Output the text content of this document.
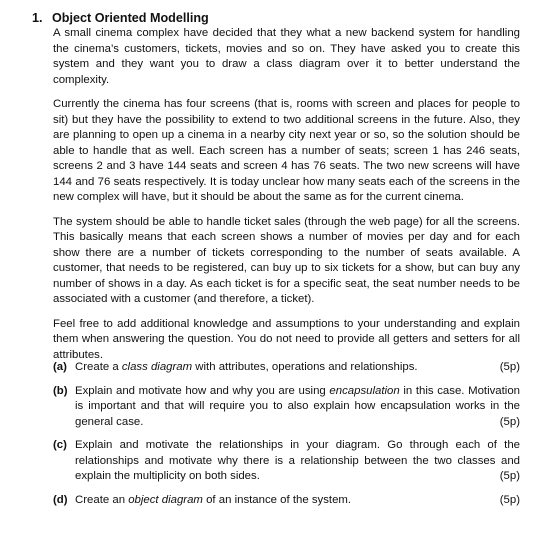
1. Object Oriented Modelling

A small cinema complex have decided that they what a new backend system for handling the cinema’s customers, tickets, movies and so on. They have asked you to create this system and they want you to draw a class diagram over it to better understand the complexity.

Currently the cinema has four screens (that is, rooms with screen and places for people to sit) but they have the possibility to extend to two additional screens in the future. Also, they are planning to open up a cinema in a nearby city next year or so, so the solution should be able to handle that as well. Each screen has a number of seats; screen 1 has 246 seats, screens 2 and 3 have 144 seats and screen 4 has 76 seats. The two new screens will have 144 and 76 seats respectively. It is today unclear how many seats each of the screens in the new complex will have, but it should be about the same as for the current cinema.

The system should be able to handle ticket sales (through the web page) for all the screens. This basically means that each screen shows a number of movies per day and for each show there are a number of tickets corresponding to the number of seats available. A customer, that needs to be registered, can buy up to six tickets for a show, but can buy any number of shows in a day. As each ticket is for a specific seat, the seat number needs to be associated with a customer (and therefore, a ticket).

Feel free to add additional knowledge and assumptions to your understanding and explain them when answering the question. You do not need to provide all getters and setters for all attributes.

(a)	(5p)
Create a class diagram with attributes, operations and relationships.
(b) Explain and motivate how and why you are using encapsulation in this case. Motivation is important and that will require you to also explain how encapsulation works in the general case.	(5p)
(c) Explain and motivate the relationships in your diagram. Go through each of the relationships and motivate why there is a relationship between the two classes and explain the multiplicity on both sides.	(5p)
(d)	(5p)
Create an object diagram of an instance of the system.
